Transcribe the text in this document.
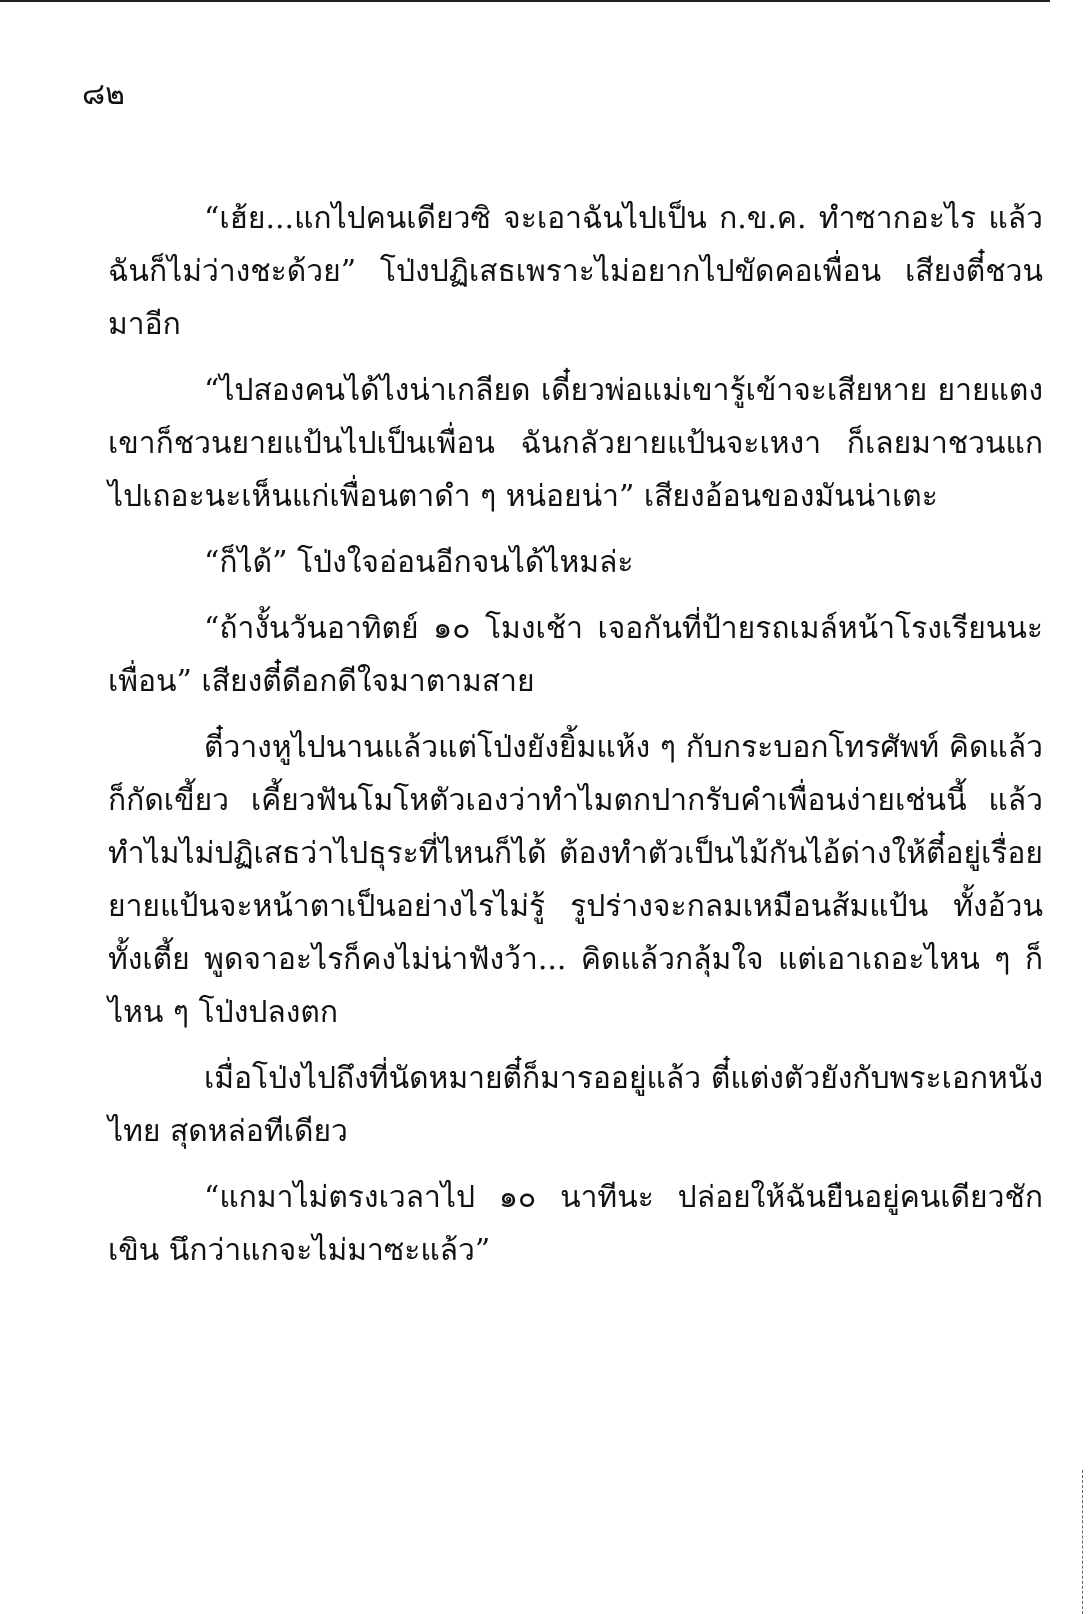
๘๒

“เฮ้ย...แกไปคนเดียวซิ จะเอาฉันไปเป็น ก.ข.ค. ทำซากอะไร แล้วฉันก็ไม่ว่างชะด้วย” โป่งปฏิเสธเพราะไม่อยากไปขัดคอเพื่อน เสียงตี๋ชวนมาอีก

“ไปสองคนได้ไงน่าเกลียด เดี๋ยวพ่อแม่เขารู้เข้าจะเสียหาย ยายแตงเขาก็ชวนยายแป้นไปเป็นเพื่อน ฉันกลัวยายแป้นจะเหงา ก็เลยมาชวนแก ไปเถอะนะเห็นแก่เพื่อนตาดำ ๆ หน่อยน่า” เสียงอ้อนของมันน่าเตะ

“ก็ได้” โป่งใจอ่อนอีกจนได้ไหมล่ะ

“ถ้างั้นวันอาทิตย์ ๑๐ โมงเช้า เจอกันที่ป้ายรถเมล์หน้าโรงเรียนนะเพื่อน” เสียงตี๋ดีอกดีใจมาตามสาย

ตี๋วางหูไปนานแล้วแต่โป่งยังยิ้มแห้ง ๆ กับกระบอกโทรศัพท์ คิดแล้วก็กัดเขี้ยว เคี้ยวฟันโมโหตัวเองว่าทำไมตกปากรับคำเพื่อนง่ายเช่นนี้ แล้วทำไมไม่ปฏิเสธว่าไปธุระที่ไหนก็ได้ ต้องทำตัวเป็นไม้กันไอ้ด่างให้ตี๋อยู่เรื่อย ยายแป้นจะหน้าตาเป็นอย่างไรไม่รู้ รูปร่างจะกลมเหมือนส้มแป้น ทั้งอ้วนทั้งเตี้ย พูดจาอะไรก็คงไม่น่าฟังว้า... คิดแล้วกลุ้มใจ แต่เอาเถอะไหน ๆ ก็ไหน ๆ โป่งปลงตก

เมื่อโป่งไปถึงที่นัดหมายตี๋ก็มารออยู่แล้ว ตี๋แต่งตัวยังกับพระเอกหนังไทย สุดหล่อทีเดียว

“แกมาไม่ตรงเวลาไป ๑๐ นาทีนะ ปล่อยให้ฉันยืนอยู่คนเดียวชักเขิน นึกว่าแกจะไม่มาซะแล้ว”
